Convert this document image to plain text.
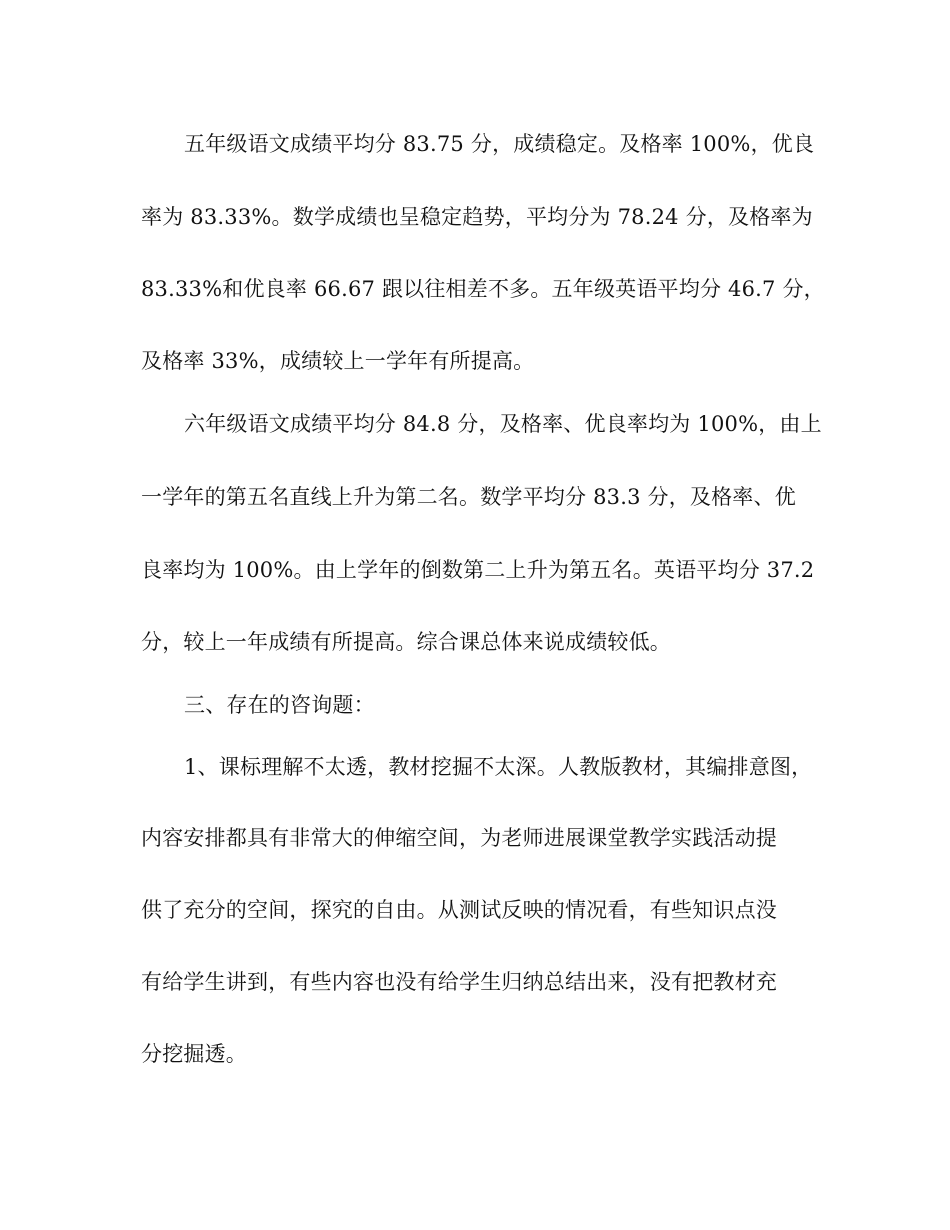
五年级语文成绩平均分 83.75 分，成绩稳定。及格率 100%，优良
率为 83.33%。数学成绩也呈稳定趋势，平均分为 78.24 分，及格率为
83.33%和优良率 66.67 跟以往相差不多。五年级英语平均分 46.7 分，
及格率 33%，成绩较上一学年有所提高。
六年级语文成绩平均分 84.8 分，及格率、优良率均为 100%，由上
一学年的第五名直线上升为第二名。数学平均分 83.3 分，及格率、优
良率均为 100%。由上学年的倒数第二上升为第五名。英语平均分 37.2
分，较上一年成绩有所提高。综合课总体来说成绩较低。
三、存在的咨询题：
1、课标理解不太透，教材挖掘不太深。人教版教材，其编排意图，
内容安排都具有非常大的伸缩空间，为老师进展课堂教学实践活动提
供了充分的空间，探究的自由。从测试反映的情况看，有些知识点没
有给学生讲到，有些内容也没有给学生归纳总结出来，没有把教材充
分挖掘透。
